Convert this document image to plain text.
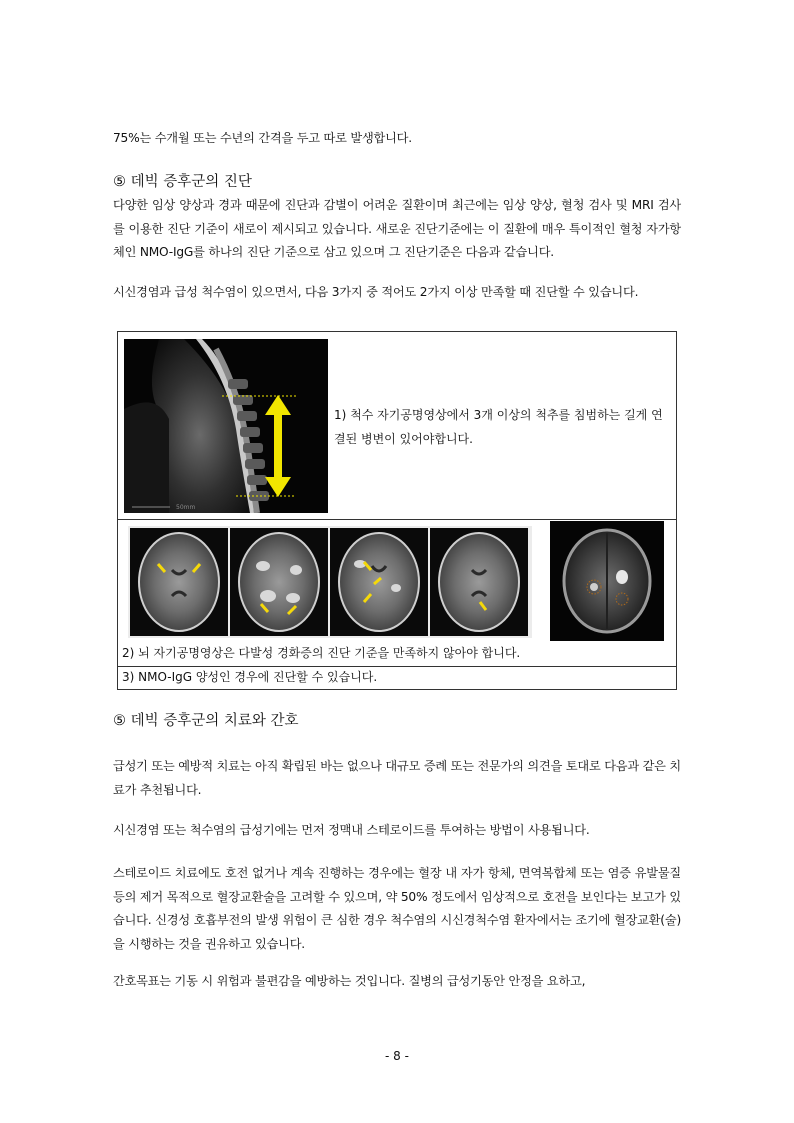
75%는 수개월 또는 수년의 간격을 두고 따로 발생합니다.
⑤ 데빅 증후군의 진단
다양한 임상 양상과 경과 때문에 진단과 감별이 어려운 질환이며 최근에는 임상 양상, 혈청 검사 및 MRI 검사를 이용한 진단 기준이 새로이 제시되고 있습니다. 새로운 진단기준에는 이 질환에 매우 특이적인 혈청 자가항체인 NMO-IgG를 하나의 진단 기준으로 삼고 있으며 그 진단기준은 다음과 같습니다.
시신경염과 급성 척수염이 있으면서, 다음 3가지 중 적어도 2가지 이상 만족할 때 진단할 수 있습니다.
50mm
1) 척수 자기공명영상에서 3개 이상의 척추를 침범하는 길게 연결된 병변이 있어야합니다.
2) 뇌 자기공명영상은 다발성 경화증의 진단 기준을 만족하지 않아야 합니다.
3) NMO-IgG 양성인 경우에 진단할 수 있습니다.
⑤ 데빅 증후군의 치료와 간호
급성기 또는 예방적 치료는 아직 확립된 바는 없으나 대규모 증례 또는 전문가의 의견을 토대로 다음과 같은 치료가 추천됩니다.
시신경염 또는 척수염의 급성기에는 먼저 정맥내 스테로이드를 투여하는 방법이 사용됩니다.
스테로이드 치료에도 호전 없거나 계속 진행하는 경우에는 혈장 내 자가 항체, 면역복합체 또는 염증 유발물질 등의 제거 목적으로 혈장교환술을 고려할 수 있으며, 약 50% 정도에서 임상적으로 호전을 보인다는 보고가 있습니다. 신경성 호흡부전의 발생 위험이 큰 심한 경우 척수염의 시신경척수염 환자에서는 조기에 혈장교환(술)을 시행하는 것을 권유하고 있습니다.
간호목표는 기동 시 위험과 불편감을 예방하는 것입니다. 질병의 급성기동안 안정을 요하고,
- 8 -
